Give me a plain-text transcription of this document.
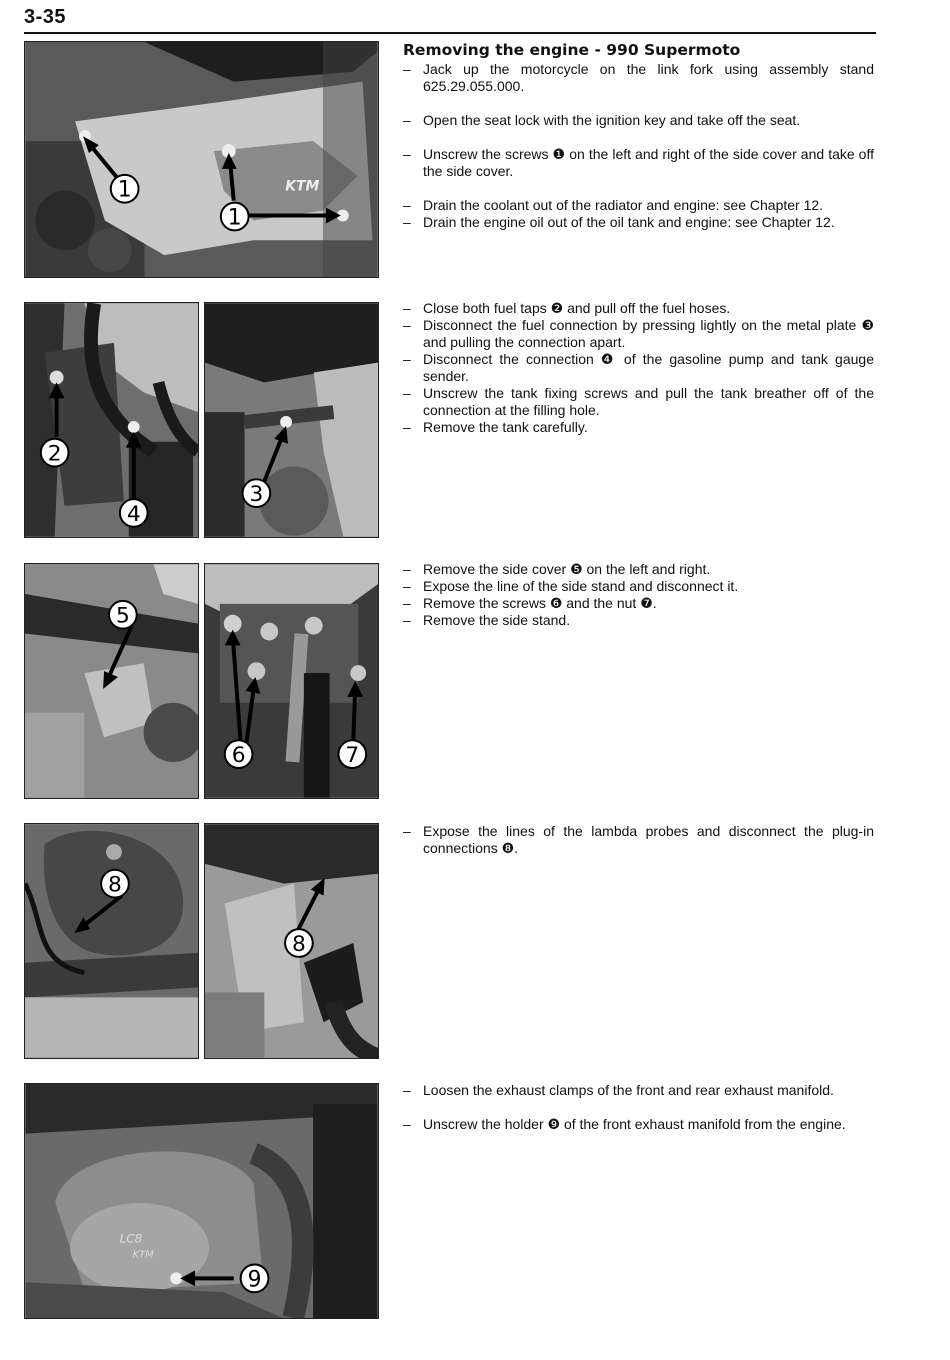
3-35
KTM
1
1
2
4
3
5
6	7
8
8
LC8
KTM
9
Removing the engine - 990 Supermoto
– Jack up the motorcycle on the link fork using assembly stand 625.29.055.000.
– Open the seat lock with the ignition key and take off the seat.
– Unscrew the screws ❶ on the left and right of the side cover and take off the side cover.
– Drain the coolant out of the radiator and engine: see Chapter 12.
– Drain the engine oil out of the oil tank and engine: see Chapter 12.
– Close both fuel taps ❷ and pull off the fuel hoses.
– Disconnect the fuel connection by pressing lightly on the metal plate ❸ and pulling the connection apart.
– Disconnect the connection ❹ of the gasoline pump and tank gauge sender.
– Unscrew the tank fixing screws and pull the tank breather off of the connection at the filling hole.
– Remove the tank carefully.
– Remove the side cover ❺ on the left and right.
– Expose the line of the side stand and disconnect it.
– Remove the screws ❻ and the nut ❼.
– Remove the side stand.
– Expose the lines of the lambda probes and disconnect the plug-in connections ❽.
– Loosen the exhaust clamps of the front and rear exhaust manifold.
– Unscrew the holder ❾ of the front exhaust manifold from the engine.
